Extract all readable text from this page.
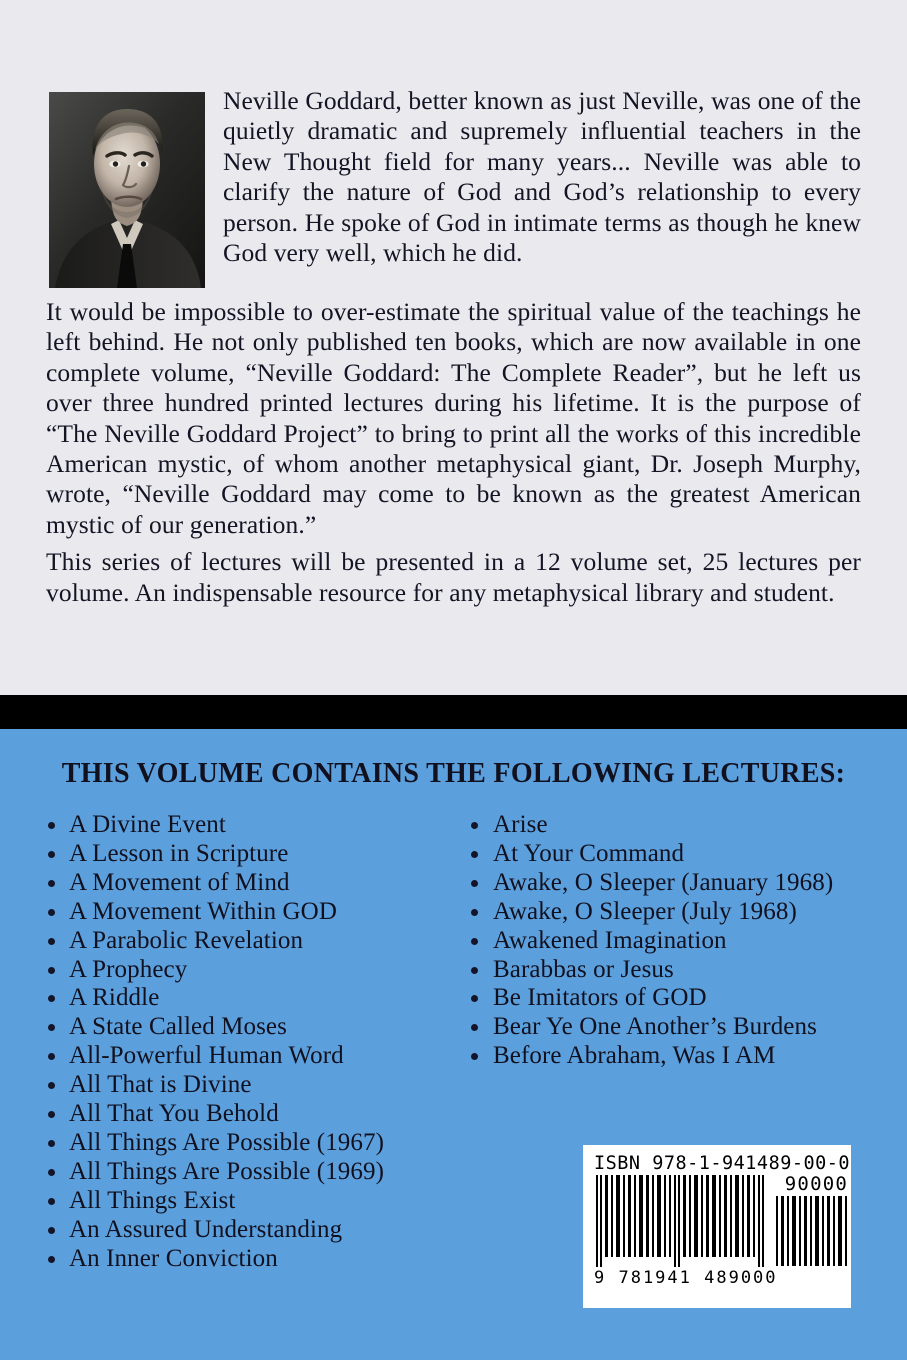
Neville Goddard, better known as just Neville, was one of the quietly dramatic and supremely influential teachers in the New Thought field for many years... Neville was able to clarify the nature of God and God’s relationship to every person. He spoke of God in intimate terms as though he knew God very well, which he did.

It would be impossible to over-estimate the spiritual value of the teachings he left behind. He not only published ten books, which are now available in one complete volume, “Neville Goddard: The Complete Reader”, but he left us over three hundred printed lectures during his lifetime. It is the purpose of “The Neville Goddard Project” to bring to print all the works of this incredible American mystic, of whom another metaphysical giant, Dr. Joseph Murphy, wrote, “Neville Goddard may come to be known as the greatest American mystic of our generation.”

This series of lectures will be presented in a 12 volume set, 25 lectures per volume. An indispensable resource for any metaphysical library and student.

THIS VOLUME CONTAINS THE FOLLOWING LECTURES:
A Divine Event
A Lesson in Scripture
A Movement of Mind
A Movement Within GOD
A Parabolic Revelation
A Prophecy
A Riddle
A State Called Moses
All-Powerful Human Word
All That is Divine
All That You Behold
All Things Are Possible (1967)
All Things Are Possible (1969)
All Things Exist
An Assured Understanding
An Inner Conviction
Arise
At Your Command
Awake, O Sleeper (January 1968)
Awake, O Sleeper (July 1968)
Awakened Imagination
Barabbas or Jesus
Be Imitators of GOD
Bear Ye One Another’s Burdens
Before Abraham, Was I AM
ISBN 978-1-941489-00-0
9 781941 489000
90000
